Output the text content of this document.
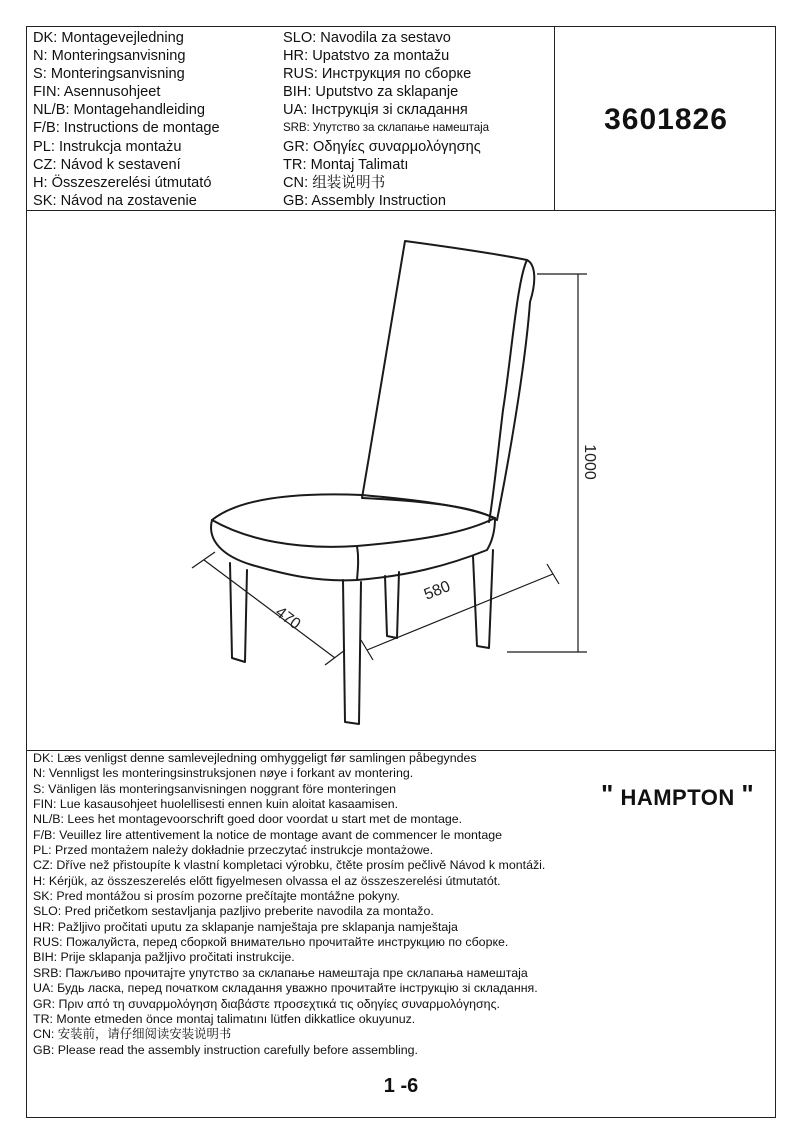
DK: Montagevejledning
N: Monteringsanvisning
S: Monteringsanvisning
FIN: Asennusohjeet
NL/B: Montagehandleiding
F/B: Instructions de montage
PL: Instrukcja montażu
CZ: Návod k sestavení
H: Összeszerelési útmutató
SK: Návod na zostavenie
SLO: Navodila za sestavo
HR: Upatstvo za montažu
RUS: Инструкция по сборке
BIH: Uputstvo za sklapanje
UA: Інструкція зі складання
SRB: Упутство за склапање намештаја
GR: Οδηγίες συναρμολόγησης
TR: Montaj Talimatı
CN: 组装说明书
GB: Assembly Instruction
3601826
1000
470
580
" HAMPTON "
DK: Læs venligst denne samlevejledning omhyggeligt før samlingen påbegyndes
N: Vennligst les monteringsinstruksjonen nøye i forkant av montering.
S: Vänligen läs monteringsanvisningen noggrant före monteringen
FIN: Lue kasausohjeet huolellisesti ennen kuin aloitat kasaamisen.
NL/B: Lees het montagevoorschrift goed door voordat u start met de montage.
F/B: Veuillez lire attentivement la notice de montage avant de commencer le montage
PL: Przed montażem należy dokładnie przeczytać instrukcje montażowe.
CZ: Dříve než přistoupíte k vlastní kompletaci výrobku, čtěte prosím pečlivě Návod k montáži.
H: Kérjük, az összeszerelés előtt figyelmesen olvassa el az összeszerelési útmutatót.
SK: Pred montážou si prosím pozorne prečítajte montážne pokyny.
SLO: Pred pričetkom sestavljanja pazljivo preberite navodila za montažo.
HR: Pažljivo pročitati uputu za sklapanje namještaja pre sklapanja namještaja
RUS: Пожалуйста, перед сборкой внимательно прочитайте инструкцию по сборке.
BIH: Prije sklapanja pažljivo pročitati instrukcije.
SRB: Пажљиво прочитајте упутство за склапање намештаја пре склапања намештаја
UA: Будь ласка, перед початком складання уважно прочитайте інструкцію зі складання.
GR: Πριν από τη συναρμολόγηση διαβάστε προσεχτικά τις οδηγίες συναρμολόγησης.
TR: Monte etmeden önce montaj talimatını lütfen dikkatlice okuyunuz.
CN: 安装前，请仔细阅读安装说明书
GB: Please read the assembly instruction carefully before assembling.
1 -6
